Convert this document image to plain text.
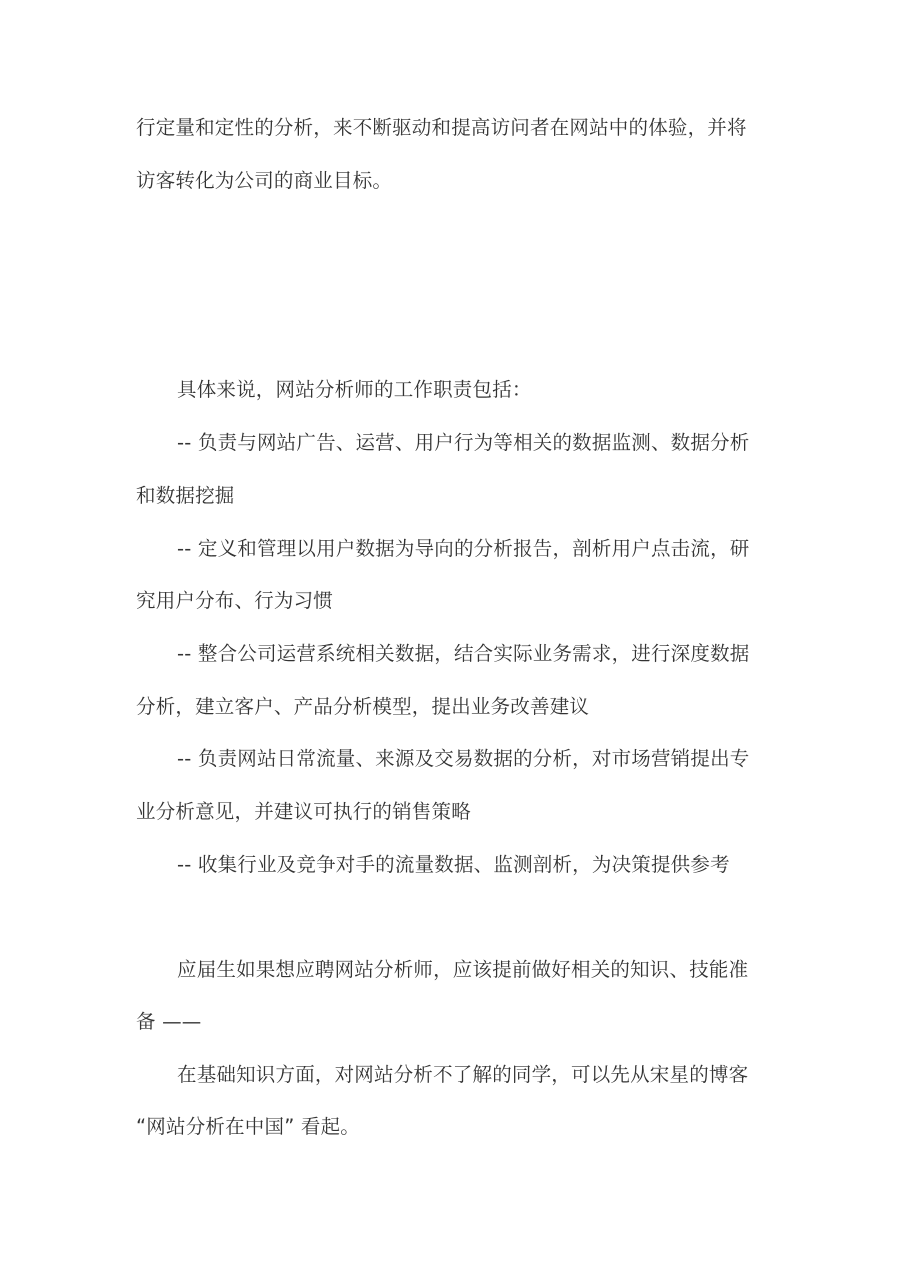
行定量和定性的分析，来不断驱动和提高访问者在网站中的体验，并将
访客转化为公司的商业目标。
具体来说，网站分析师的工作职责包括：
-- 负责与网站广告、运营、用户行为等相关的数据监测、数据分析
和数据挖掘
-- 定义和管理以用户数据为导向的分析报告，剖析用户点击流，研
究用户分布、行为习惯
-- 整合公司运营系统相关数据，结合实际业务需求，进行深度数据
分析，建立客户、产品分析模型，提出业务改善建议
-- 负责网站日常流量、来源及交易数据的分析，对市场营销提出专
业分析意见，并建议可执行的销售策略
-- 收集行业及竞争对手的流量数据、监测剖析，为决策提供参考
应届生如果想应聘网站分析师，应该提前做好相关的知识、技能准
备 ——
在基础知识方面，对网站分析不了解的同学，可以先从宋星的博客
“网站分析在中国” 看起。
